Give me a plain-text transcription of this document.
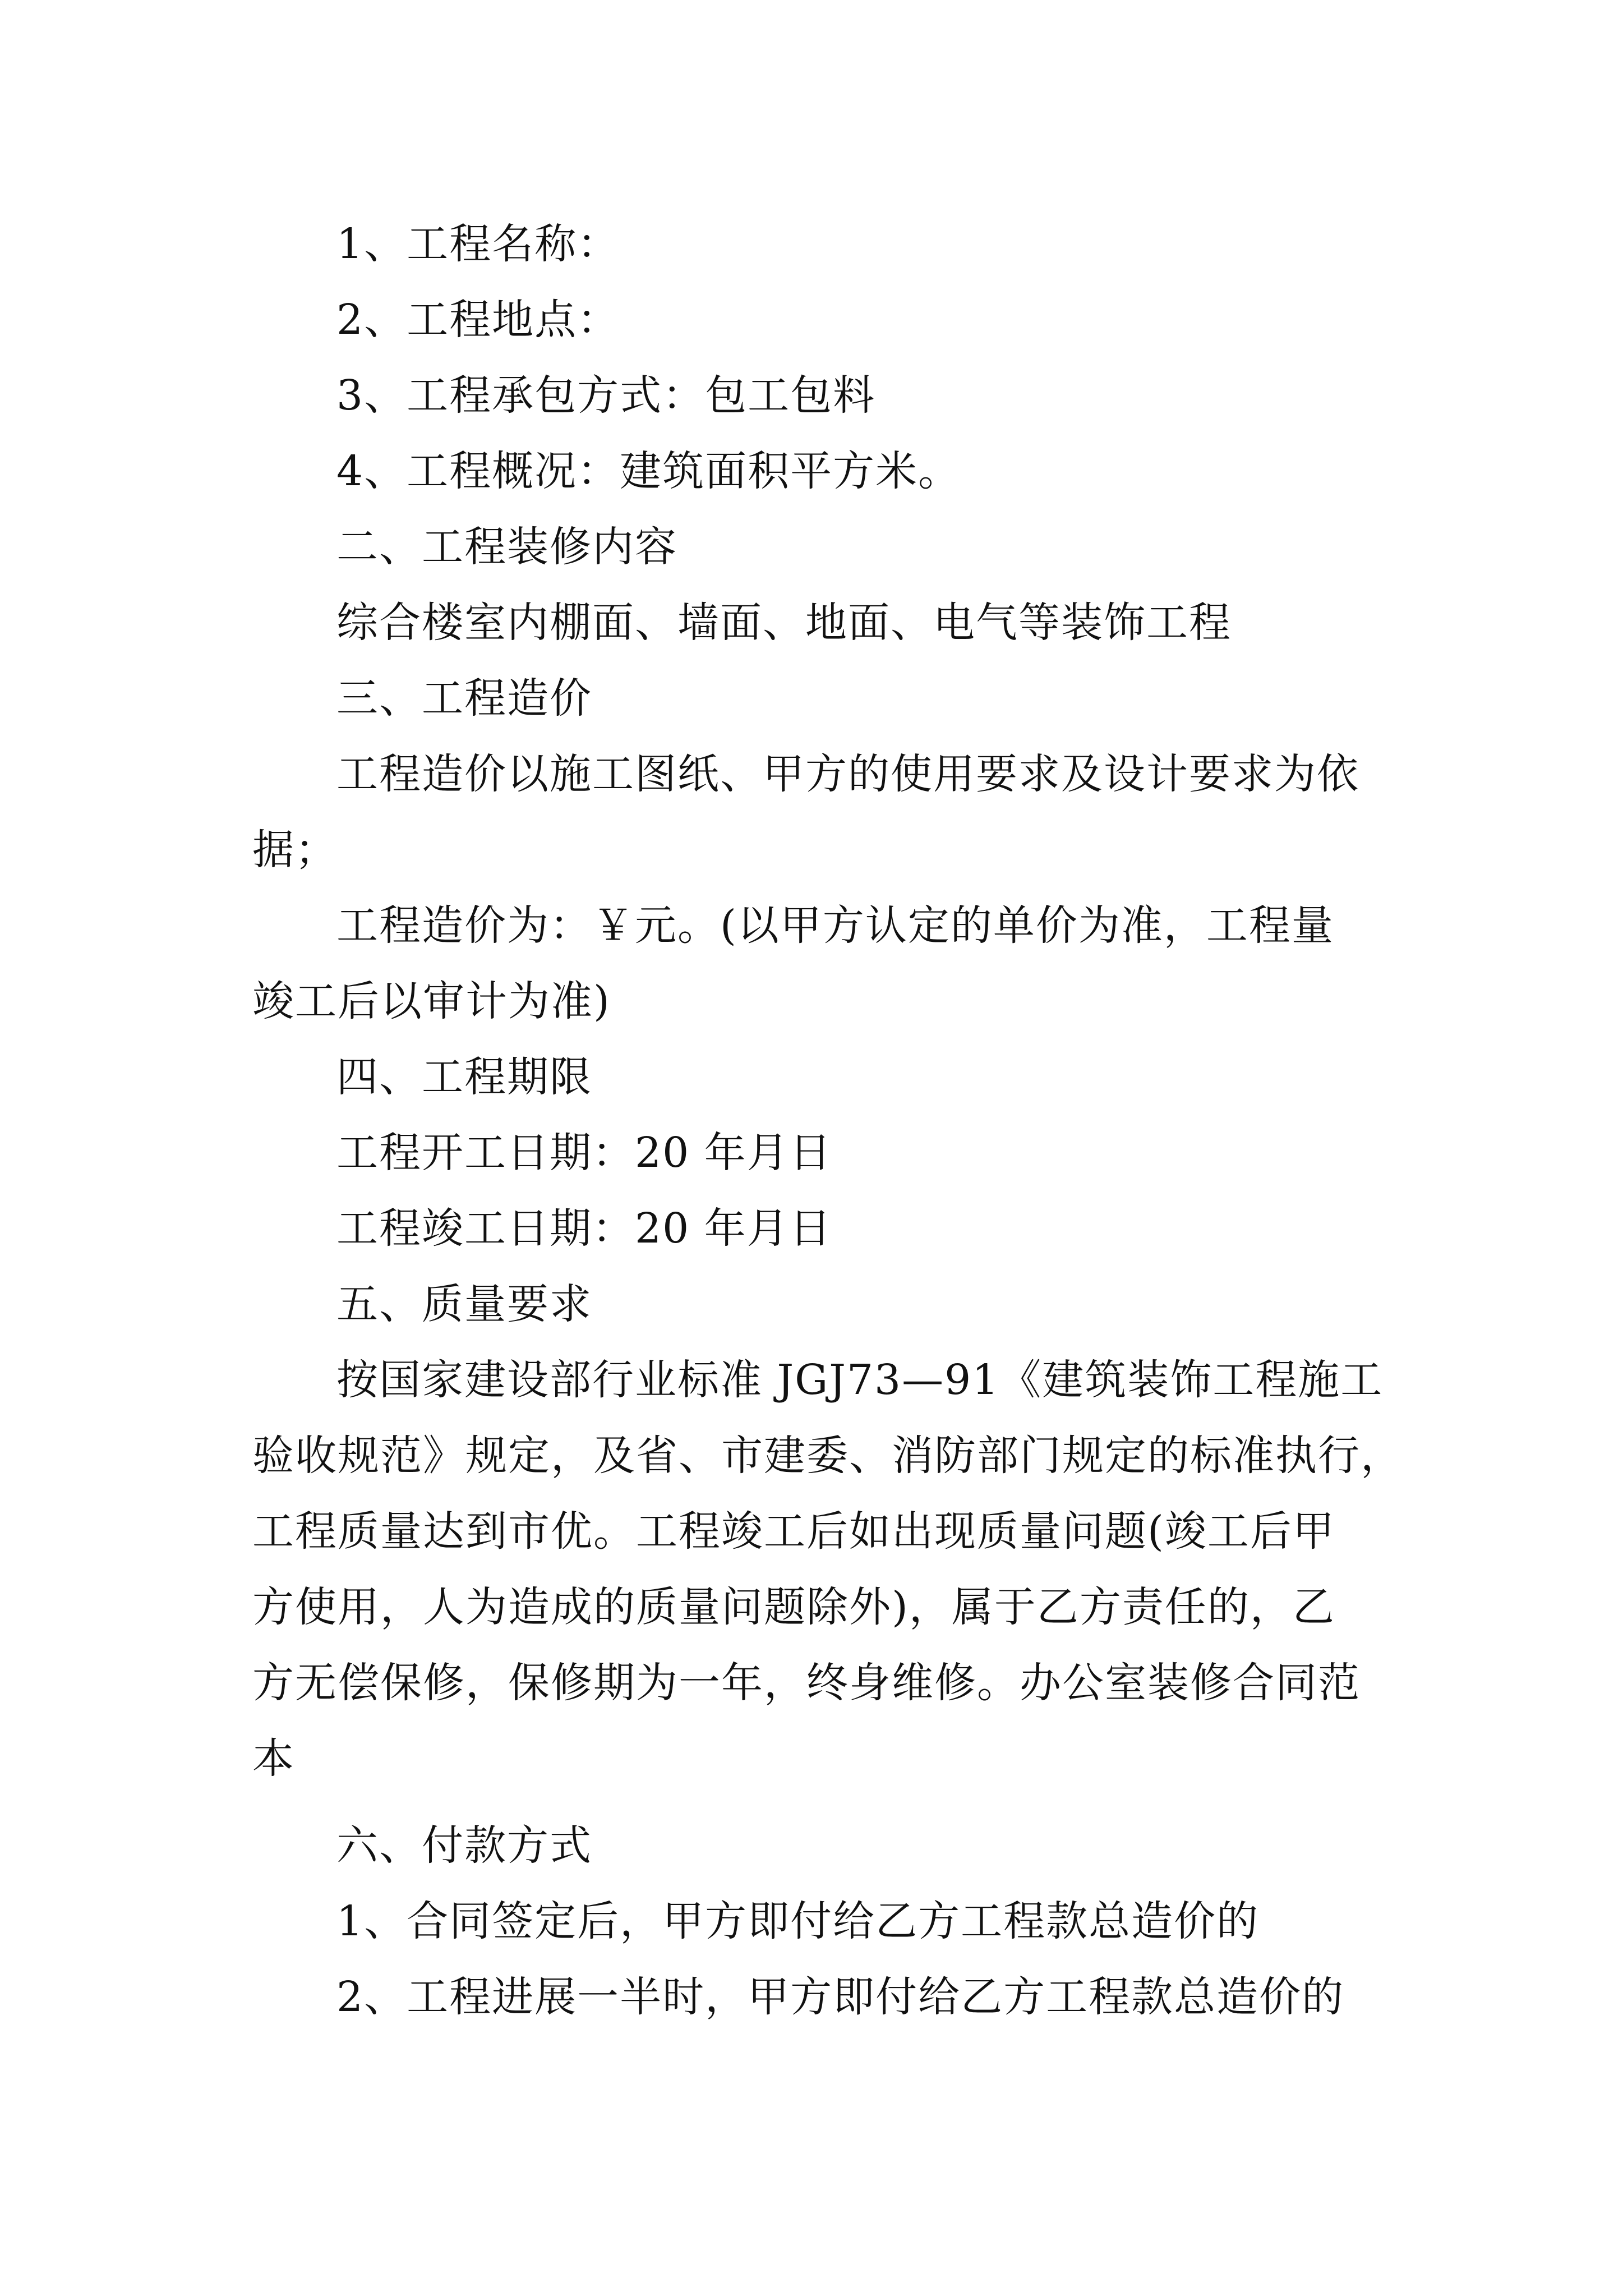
1、工程名称：
2、工程地点：
3、工程承包方式：包工包料
4、工程概况：建筑面积平方米。
二、工程装修内容
综合楼室内棚面、墙面、地面、电气等装饰工程
三、工程造价
工程造价以施工图纸、甲方的使用要求及设计要求为依
据；
工程造价为：￥元。(以甲方认定的单价为准，工程量
竣工后以审计为准)
四、工程期限
工程开工日期：20 年月日
工程竣工日期：20 年月日
五、质量要求
按国家建设部行业标准 JGJ73—91《建筑装饰工程施工
验收规范》规定，及省、市建委、消防部门规定的标准执行，
工程质量达到市优。工程竣工后如出现质量问题(竣工后甲
方使用，人为造成的质量问题除外)，属于乙方责任的，乙
方无偿保修，保修期为一年，终身维修。办公室装修合同范
本
六、付款方式
1、合同签定后，甲方即付给乙方工程款总造价的
2、工程进展一半时，甲方即付给乙方工程款总造价的
